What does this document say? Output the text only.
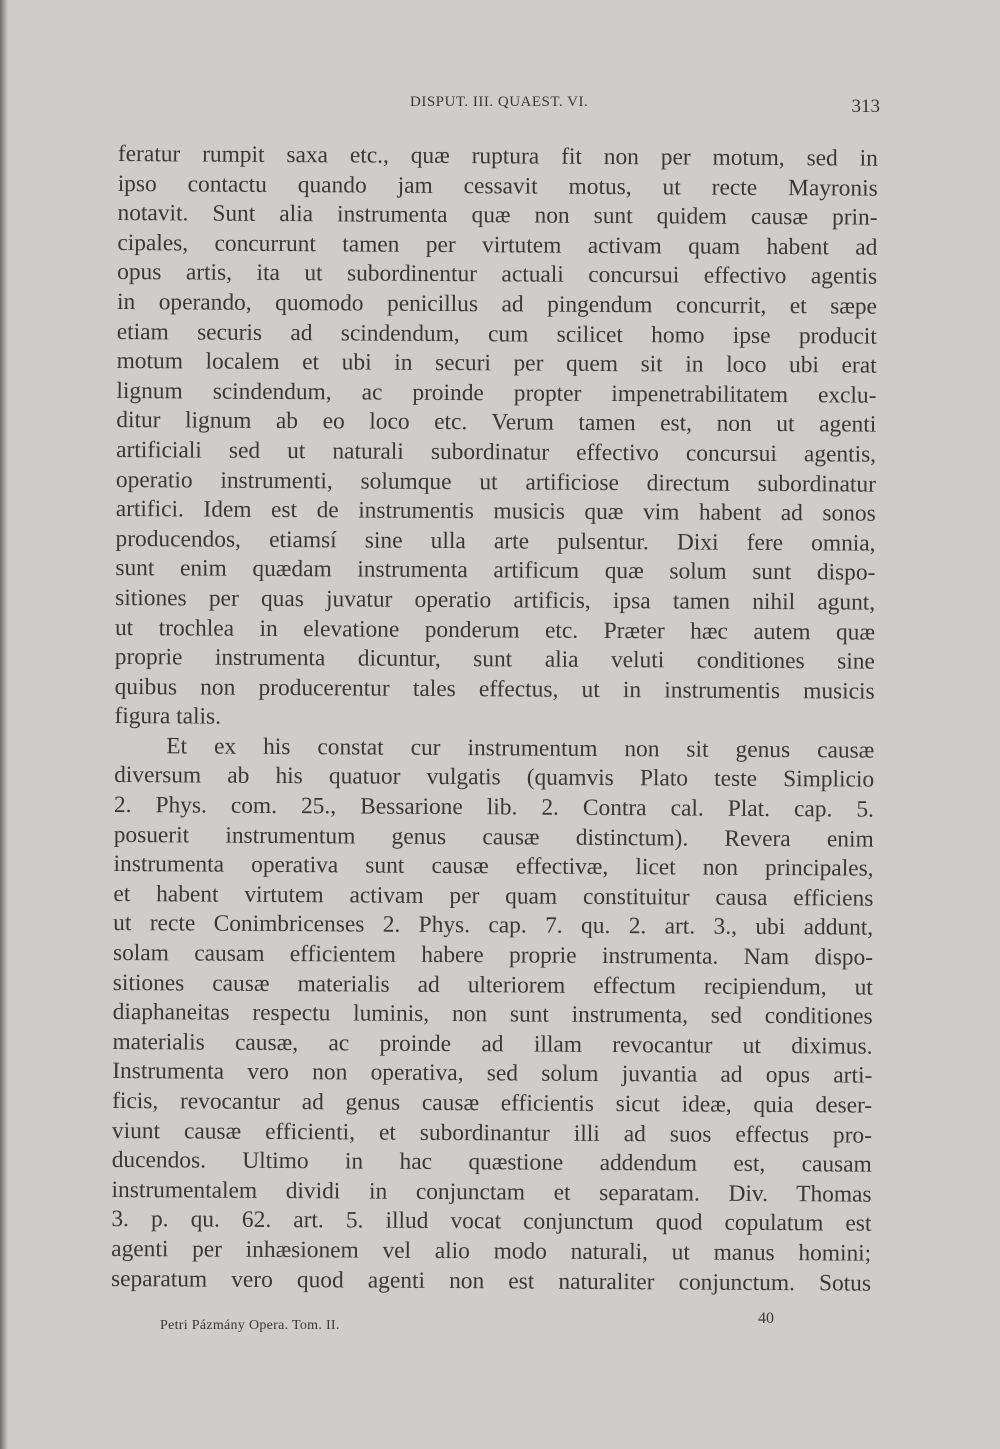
DISPUT. III. QUAEST. VI.	313
feratur rumpit saxa etc., quæ ruptura fit non per motum, sed in
ipso contactu quando jam cessavit motus, ut recte Mayronis
notavit. Sunt alia instrumenta quæ non sunt quidem causæ prin-
cipales, concurrunt tamen per virtutem activam quam habent ad
opus artis, ita ut subordinentur actuali concursui effectivo agentis
in operando, quomodo penicillus ad pingendum concurrit, et sæpe
etiam securis ad scindendum, cum scilicet homo ipse producit
motum localem et ubi in securi per quem sit in loco ubi erat
lignum scindendum, ac proinde propter impenetrabilitatem exclu-
ditur lignum ab eo loco etc. Verum tamen est, non ut agenti
artificiali sed ut naturali subordinatur effectivo concursui agentis,
operatio instrumenti, solumque ut artificiose directum subordinatur
artifici. Idem est de instrumentis musicis quæ vim habent ad sonos
producendos, etiamsí sine ulla arte pulsentur. Dixi fere omnia,
sunt enim quædam instrumenta artificum quæ solum sunt dispo-
sitiones per quas juvatur operatio artificis, ipsa tamen nihil agunt,
ut trochlea in elevatione ponderum etc. Præter hæc autem quæ
proprie instrumenta dicuntur, sunt alia veluti conditiones sine
quibus non producerentur tales effectus, ut in instrumentis musicis
figura talis.
Et ex his constat cur instrumentum non sit genus causæ
diversum ab his quatuor vulgatis (quamvis Plato teste Simplicio
2. Phys. com. 25., Bessarione lib. 2. Contra cal. Plat. cap. 5.
posuerit instrumentum genus causæ distinctum). Revera enim
instrumenta operativa sunt causæ effectivæ, licet non principales,
et habent virtutem activam per quam constituitur causa efficiens
ut recte Conimbricenses 2. Phys. cap. 7. qu. 2. art. 3., ubi addunt,
solam causam efficientem habere proprie instrumenta. Nam dispo-
sitiones causæ materialis ad ulteriorem effectum recipiendum, ut
diaphaneitas respectu luminis, non sunt instrumenta, sed conditiones
materialis causæ, ac proinde ad illam revocantur ut diximus.
Instrumenta vero non operativa, sed solum juvantia ad opus arti-
ficis, revocantur ad genus causæ efficientis sicut ideæ, quia deser-
viunt causæ efficienti, et subordinantur illi ad suos effectus pro-
ducendos. Ultimo in hac quæstione addendum est, causam
instrumentalem dividi in conjunctam et separatam. Div. Thomas
3. p. qu. 62. art. 5. illud vocat conjunctum quod copulatum est
agenti per inhæsionem vel alio modo naturali, ut manus homini;
separatum vero quod agenti non est naturaliter conjunctum. Sotus
Petri Pázmány Opera. Tom. II.	40
